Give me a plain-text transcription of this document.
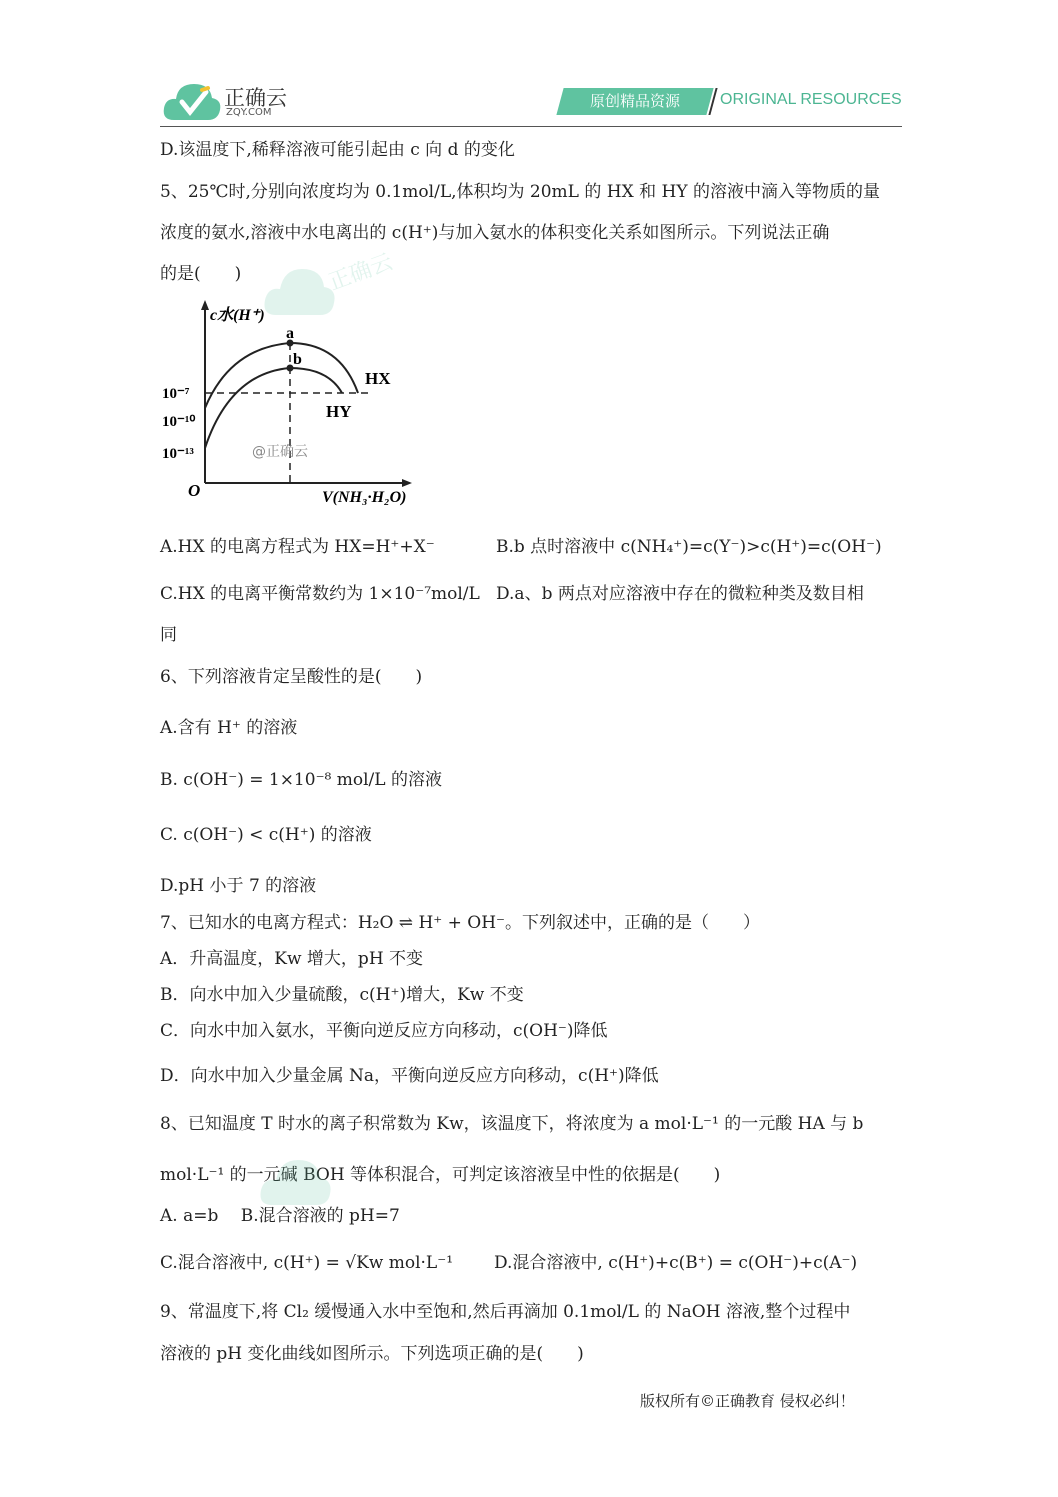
正确云
ZQY.COM
原创精品资源	ORIGINAL RESOURCES
D.该温度下,稀释溶液可能引起由 c 向 d 的变化
5、25℃时,分别向浓度均为 0.1mol/L,体积均为 20mL 的 HX 和 HY 的溶液中滴入等物质的量
浓度的氨水,溶液中水电离出的 c(H⁺)与加入氨水的体积变化关系如图所示。下列说法正确
的是(　　)
c水(H⁺)
a
b
HX
HY
10⁻⁷
10⁻¹⁰
10⁻¹³
O	V(NH₃·H₂O)
@正确云
正确云
A.HX 的电离方程式为 HX=H⁺+X⁻	B.b 点时溶液中 c(NH₄⁺)=c(Y⁻)>c(H⁺)=c(OH⁻)
C.HX 的电离平衡常数约为 1×10⁻⁷mol/L D.a、b 两点对应溶液中存在的微粒种类及数目相
同
6、下列溶液肯定呈酸性的是(　　)
A.含有 H⁺ 的溶液
B. c(OH⁻) = 1×10⁻⁸ mol/L 的溶液
C. c(OH⁻) < c(H⁺) 的溶液
D.pH 小于 7 的溶液
7、已知水的电离方程式：H₂O ⇌ H⁺ + OH⁻。下列叙述中，正确的是（　　）
A．升高温度，Kw 增大，pH 不变
B．向水中加入少量硫酸，c(H⁺)增大，Kw 不变
C．向水中加入氨水，平衡向逆反应方向移动，c(OH⁻)降低
D．向水中加入少量金属 Na，平衡向逆反应方向移动，c(H⁺)降低
8、已知温度 T 时水的离子积常数为 Kw，该温度下，将浓度为 a mol·L⁻¹ 的一元酸 HA 与 b
mol·L⁻¹ 的一元碱 BOH 等体积混合，可判定该溶液呈中性的依据是(　　)
A. a=b　 B.混合溶液的 pH=7
C.混合溶液中, c(H⁺) = √Kw mol·L⁻¹ D.混合溶液中, c(H⁺)+c(B⁺) = c(OH⁻)+c(A⁻)
9、常温度下,将 Cl₂ 缓慢通入水中至饱和,然后再滴加 0.1mol/L 的 NaOH 溶液,整个过程中
溶液的 pH 变化曲线如图所示。下列选项正确的是(　　)
版权所有©正确教育 侵权必纠！
